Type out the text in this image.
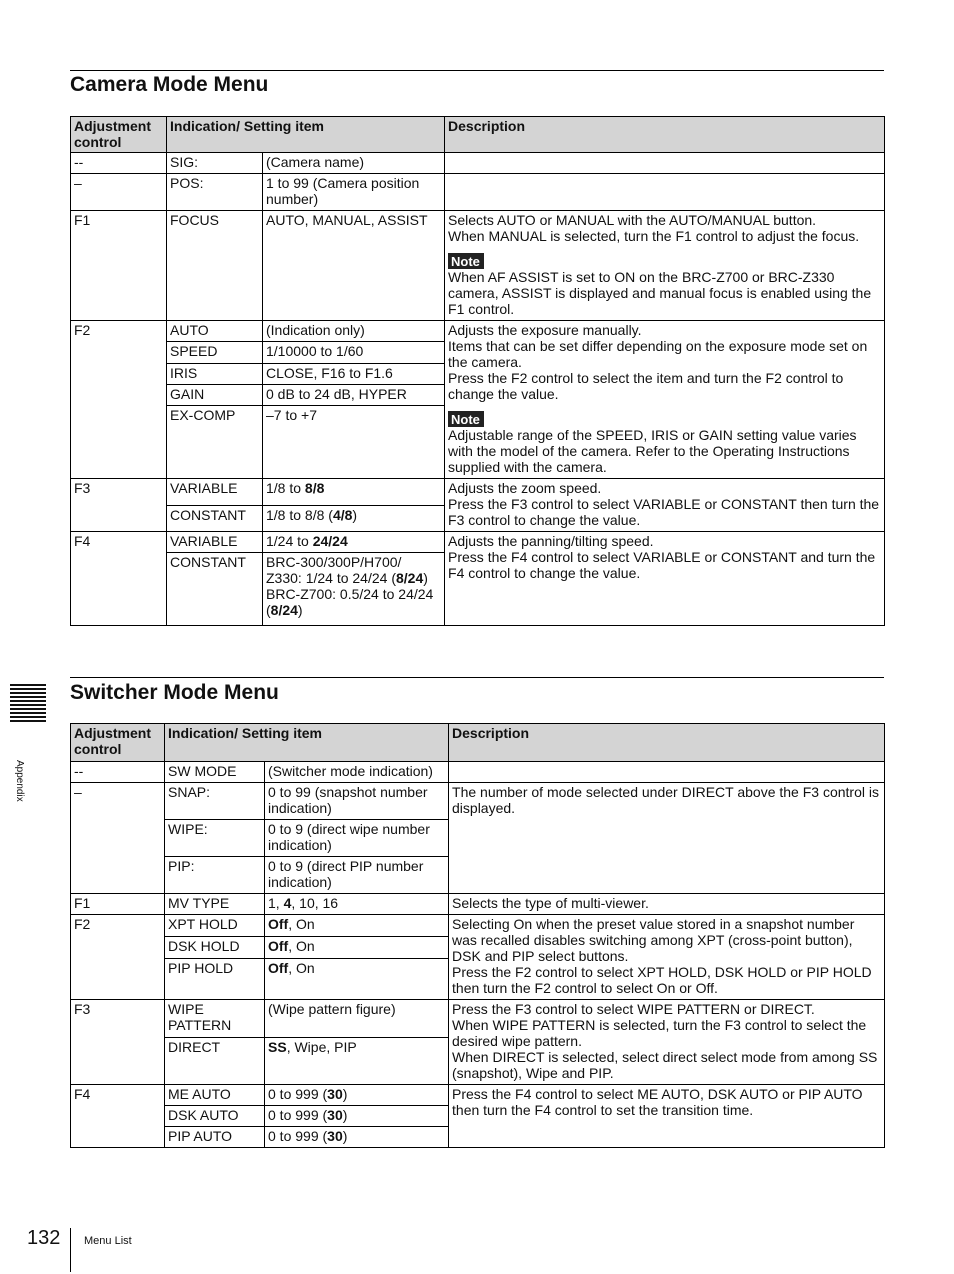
Camera Mode Menu
Adjustment control	Indication/ Setting item		Description
--	SIG:	(Camera name)	
–	POS:	1 to 99 (Camera position number)	
F1	FOCUS	AUTO, MANUAL, ASSIST	Selects AUTO or MANUAL with the AUTO/MANUAL button.
When MANUAL is selected, turn the F1 control to adjust the focus.
Note
When AF ASSIST is set to ON on the BRC-Z700 or BRC-Z330 camera, ASSIST is displayed and manual focus is enabled using the F1 control.

F2	AUTO	(Indication only)	Adjusts the exposure manually.
Items that can be set differ depending on the exposure mode set on the camera.
Press the F2 control to select the item and turn the F2 control to change the value.
Note
Adjustable range of the SPEED, IRIS or GAIN setting value varies with the model of the camera. Refer to the Operating Instructions supplied with the camera.

	SPEED	1/10000 to 1/60	
	IRIS	CLOSE, F16 to F1.6	
	GAIN	0 dB to 24 dB, HYPER	
	EX-COMP	–7 to +7	
F3	VARIABLE	1/8 to 8/8	Adjusts the zoom speed.
Press the F3 control to select VARIABLE or CONSTANT then turn the F3 control to change the value.

	CONSTANT	1/8 to 8/8 (4/8)	
F4	VARIABLE	1/24 to 24/24	Adjusts the panning/tilting speed.
Press the F4 control to select VARIABLE or CONSTANT and turn the F4 control to change the value.

	CONSTANT	BRC-300/300P/H700/ Z330: 1/24 to 24/24 (8/24)
BRC-Z700: 0.5/24 to 24/24 (8/24)	
Switcher Mode Menu
Adjustment control	Indication/ Setting item		Description
--	SW MODE	(Switcher mode indication)	
–	SNAP:	0 to 99 (snapshot number indication)	The number of mode selected under DIRECT above the F3 control is displayed.

	WIPE:	0 to 9 (direct wipe number indication)	
	PIP:	0 to 9 (direct PIP number indication)	
F1	MV TYPE	1, 4, 10, 16	Selects the type of multi-viewer.
F2	XPT HOLD	Off, On	Selecting On when the preset value stored in a snapshot number was recalled disables switching among XPT (cross-point button), DSK and PIP select buttons.
Press the F2 control to select XPT HOLD, DSK HOLD or PIP HOLD then turn the F2 control to select On or Off.

	DSK HOLD	Off, On	
	PIP HOLD	Off, On	
F3	WIPE PATTERN	(Wipe pattern figure)	Press the F3 control to select WIPE PATTERN or DIRECT.
When WIPE PATTERN is selected, turn the F3 control to select the desired wipe pattern.
When DIRECT is selected, select direct select mode from among SS (snapshot), Wipe and PIP.

	DIRECT	SS, Wipe, PIP	
F4	ME AUTO	0 to 999 (30)	Press the F4 control to select ME AUTO, DSK AUTO or PIP AUTO then turn the F4 control to set the transition time.

	DSK AUTO	0 to 999 (30)	
	PIP AUTO	0 to 999 (30)	
Appendix
132 Menu List
